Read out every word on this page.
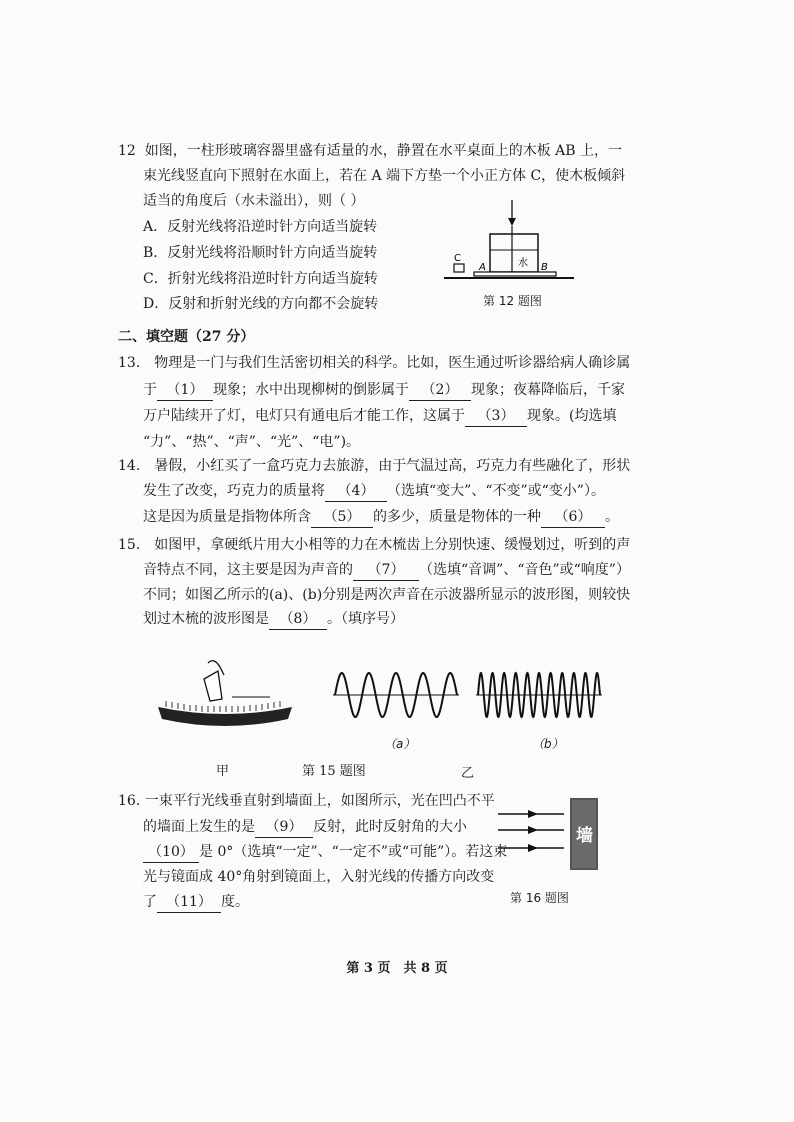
12 如图，一柱形玻璃容器里盛有适量的水，静置在水平桌面上的木板 AB 上，一
束光线竖直向下照射在水面上，若在 A 端下方垫一个小正方体 C，使木板倾斜
适当的角度后（水未溢出），则（ ）
A．反射光线将沿逆时针方向适当旋转
B．反射光线将沿顺时针方向适当旋转
C．折射光线将沿逆时针方向适当旋转
D．反射和折射光线的方向都不会旋转
C
A	B
水
第 12 题图
二、填空题（27 分）
13.　物理是一门与我们生活密切相关的科学。比如，医生通过听诊器给病人确诊属
于 （1） 现象；水中出现柳树的倒影属于 （2） 现象；夜幕降临后，千家
万户陆续开了灯，电灯只有通电后才能工作，这属于 （3） 现象。(均选填
“力”、“热”、“声”、“光”、“电”)。
14.　暑假，小红买了一盒巧克力去旅游，由于气温过高，巧克力有些融化了，形状
发生了改变，巧克力的质量将 （4） （选填“变大”、“不变”或“变小”）。
这是因为质量是指物体所含 （5） 的多少，质量是物体的一种 （6） 。
15.　如图甲，拿硬纸片用大小相等的力在木梳齿上分别快速、缓慢划过，听到的声
音特点不同，这主要是因为声音的 （7） （选填“音调”、“音色”或“响度”）
不同；如图乙所示的(a)、(b)分别是两次声音在示波器所显示的波形图，则较快
划过木梳的波形图是 （8） 。（填序号）
（a）	（b）
甲	第 15 题图	乙
16. 一束平行光线垂直射到墙面上，如图所示，光在凹凸不平
的墙面上发生的是 （9） 反射，此时反射角的大小
（10） 是 0°（选填“一定”、“一定不”或“可能”）。若这束
光与镜面成 40°角射到镜面上，入射光线的传播方向改变
了 （11） 度。
墙
第 16 题图
第 3 页　共 8 页
